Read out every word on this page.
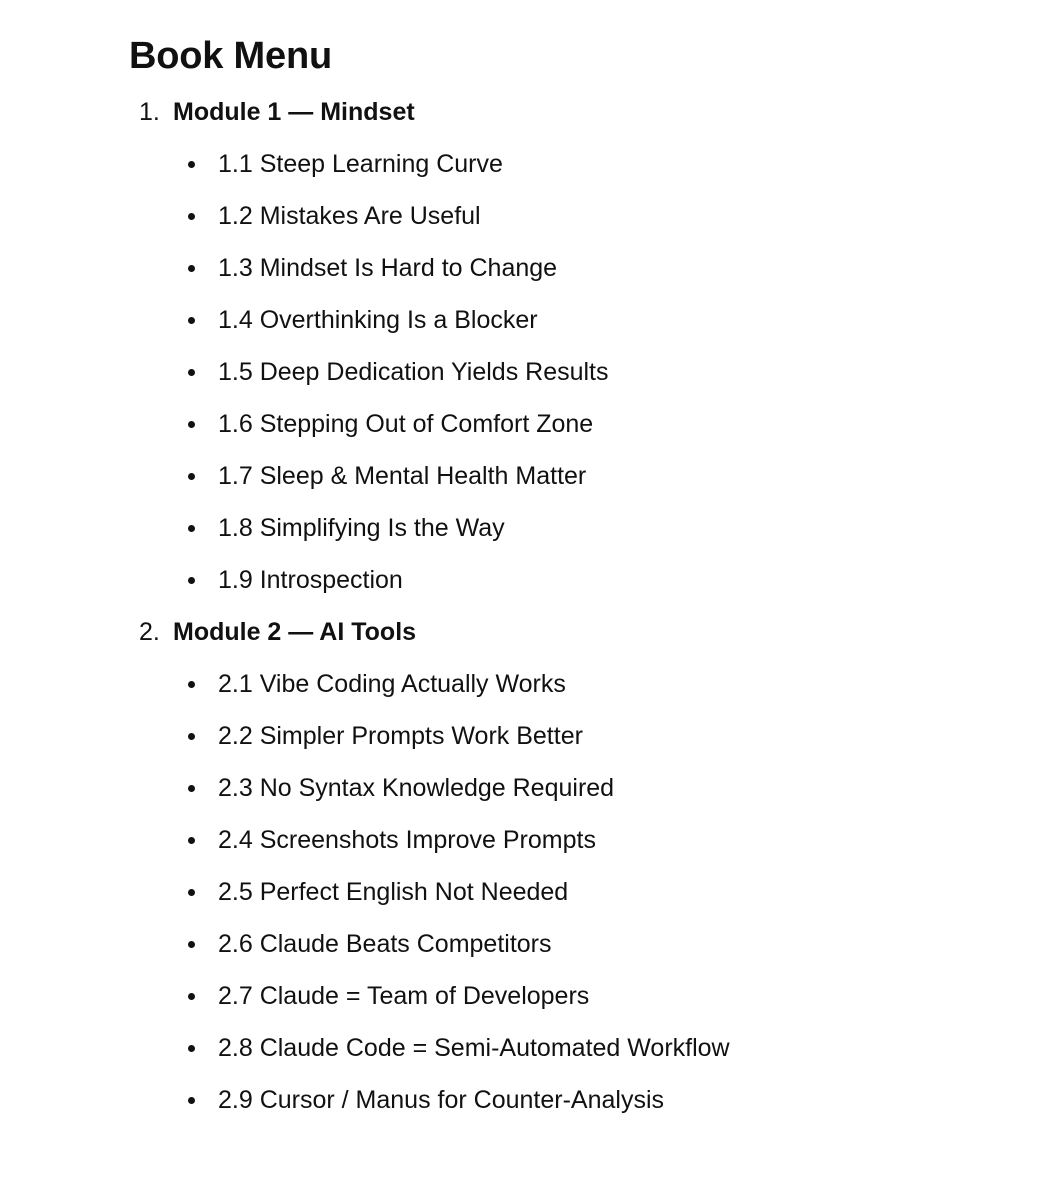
Book Menu
1. Module 1 — Mindset
1.1 Steep Learning Curve
1.2 Mistakes Are Useful
1.3 Mindset Is Hard to Change
1.4 Overthinking Is a Blocker
1.5 Deep Dedication Yields Results
1.6 Stepping Out of Comfort Zone
1.7 Sleep & Mental Health Matter
1.8 Simplifying Is the Way
1.9 Introspection
2. Module 2 — AI Tools
2.1 Vibe Coding Actually Works
2.2 Simpler Prompts Work Better
2.3 No Syntax Knowledge Required
2.4 Screenshots Improve Prompts
2.5 Perfect English Not Needed
2.6 Claude Beats Competitors
2.7 Claude = Team of Developers
2.8 Claude Code = Semi-Automated Workflow
2.9 Cursor / Manus for Counter-Analysis
